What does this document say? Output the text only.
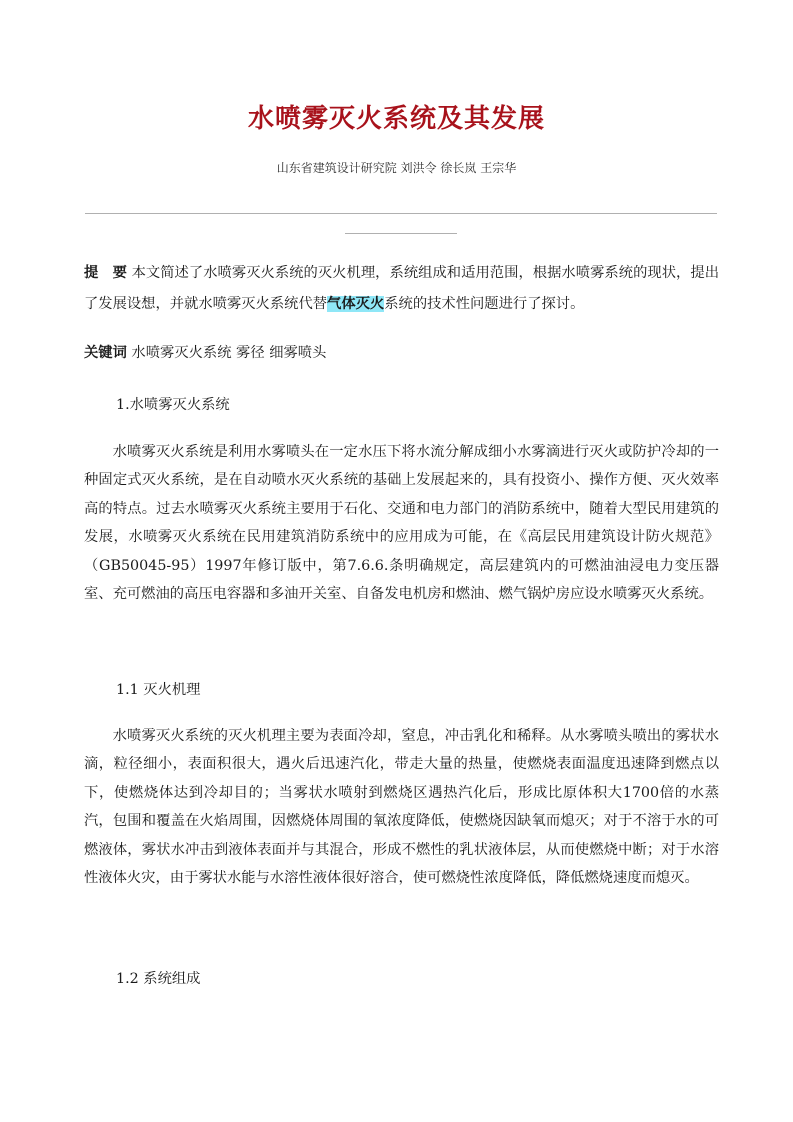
水喷雾灭火系统及其发展
山东省建筑设计研究院 刘洪令 徐长岚 王宗华
提　要 本文简述了水喷雾灭火系统的灭火机理，系统组成和适用范围，根据水喷雾系统的现状，提出了发展设想，并就水喷雾灭火系统代替气体灭火系统的技术性问题进行了探讨。
关键词 水喷雾灭火系统 雾径 细雾喷头
1.水喷雾灭火系统
水喷雾灭火系统是利用水雾喷头在一定水压下将水流分解成细小水雾滴进行灭火或防护冷却的一种固定式灭火系统，是在自动喷水灭火系统的基础上发展起来的，具有投资小、操作方便、灭火效率高的特点。过去水喷雾灭火系统主要用于石化、交通和电力部门的消防系统中，随着大型民用建筑的发展，水喷雾灭火系统在民用建筑消防系统中的应用成为可能，在《高层民用建筑设计防火规范》（GB50045-95）1997年修订版中，第7.6.6.条明确规定，高层建筑内的可燃油油浸电力变压器室、充可燃油的高压电容器和多油开关室、自备发电机房和燃油、燃气锅炉房应设水喷雾灭火系统。
1.1 灭火机理
水喷雾灭火系统的灭火机理主要为表面冷却，窒息，冲击乳化和稀释。从水雾喷头喷出的雾状水滴，粒径细小，表面积很大，遇火后迅速汽化，带走大量的热量，使燃烧表面温度迅速降到燃点以下，使燃烧体达到冷却目的；当雾状水喷射到燃烧区遇热汽化后，形成比原体积大1700倍的水蒸汽，包围和覆盖在火焰周围，因燃烧体周围的氧浓度降低，使燃烧因缺氧而熄灭；对于不溶于水的可燃液体，雾状水冲击到液体表面并与其混合，形成不燃性的乳状液体层，从而使燃烧中断；对于水溶性液体火灾，由于雾状水能与水溶性液体很好溶合，使可燃烧性浓度降低，降低燃烧速度而熄灭。
1.2 系统组成
